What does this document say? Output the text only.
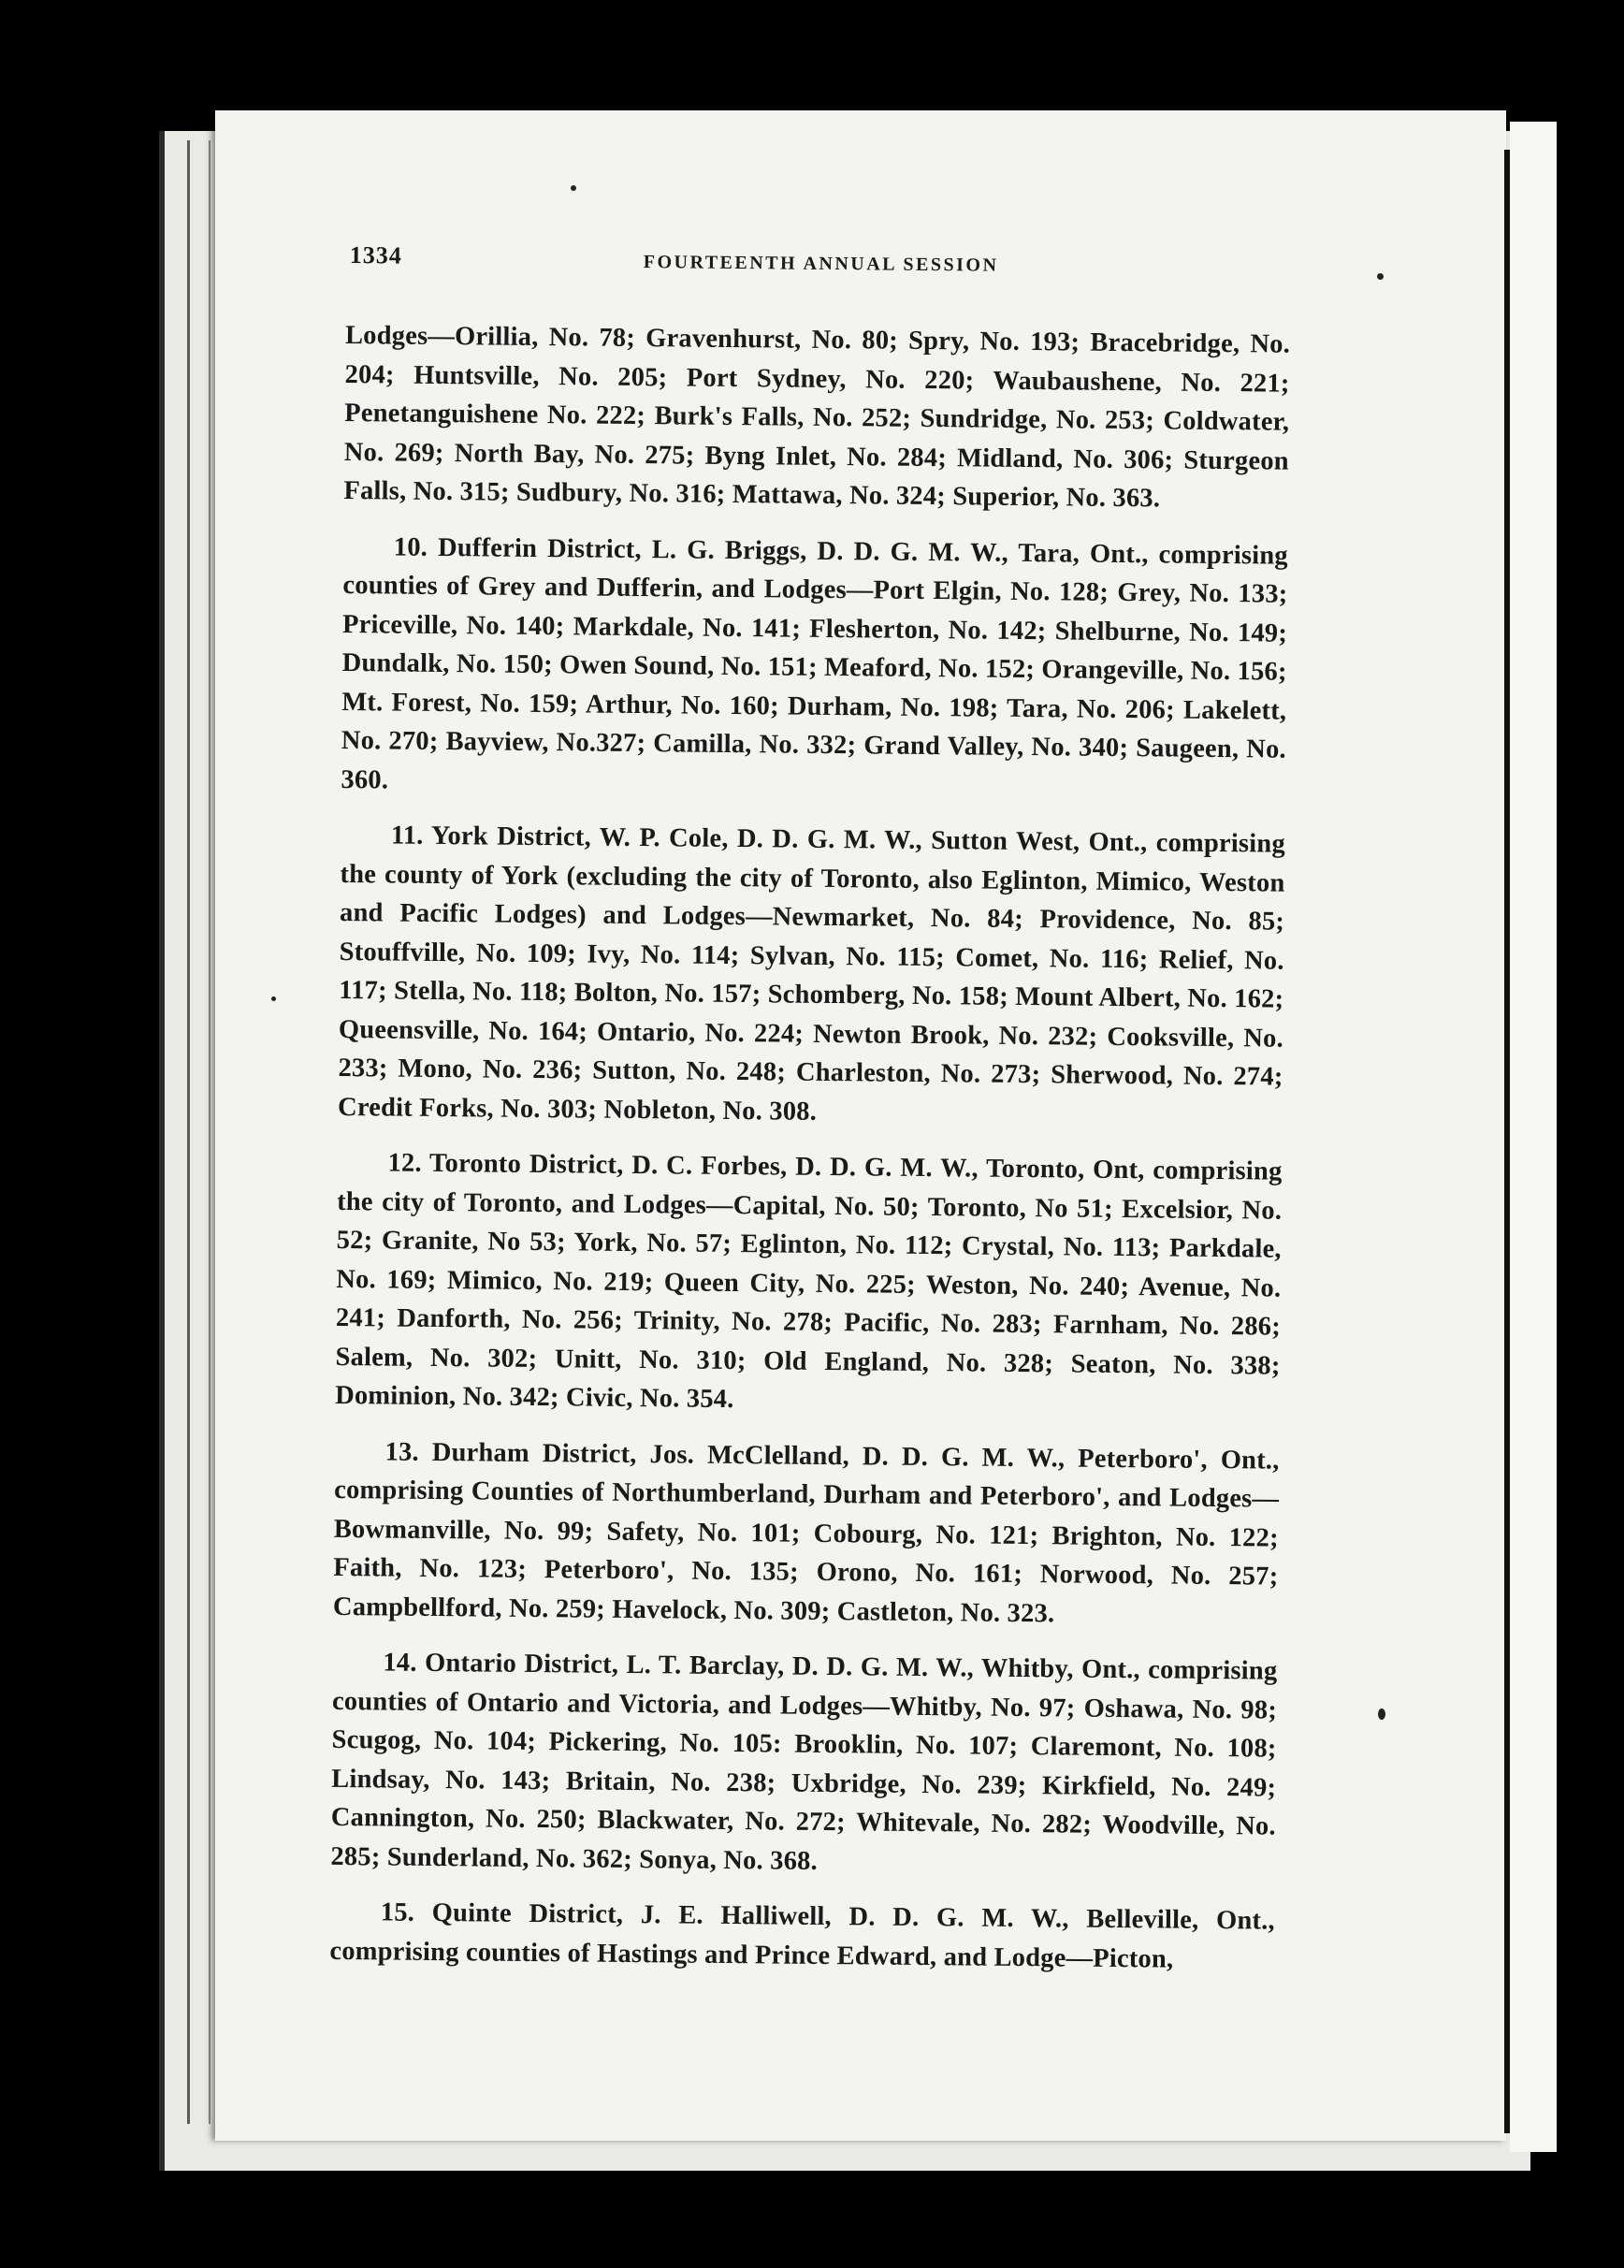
1334	FOURTEENTH ANNUAL SESSION

Lodges—Orillia, No. 78; Gravenhurst, No. 80; Spry, No. 193; Bracebridge, No. 204; Huntsville, No. 205; Port Sydney, No. 220; Waubaushene, No. 221; Penetanguishene No. 222; Burk's Falls, No. 252; Sundridge, No. 253; Coldwater, No. 269; North Bay, No. 275; Byng Inlet, No. 284; Midland, No. 306; Sturgeon Falls, No. 315; Sudbury, No. 316; Mattawa, No. 324; Superior, No. 363.

10. Dufferin District, L. G. Briggs, D. D. G. M. W., Tara, Ont., comprising counties of Grey and Dufferin, and Lodges—Port Elgin, No. 128; Grey, No. 133; Priceville, No. 140; Markdale, No. 141; Flesherton, No. 142; Shelburne, No. 149; Dundalk, No. 150; Owen Sound, No. 151; Meaford, No. 152; Orangeville, No. 156; Mt. Forest, No. 159; Arthur, No. 160; Durham, No. 198; Tara, No. 206; Lakelett, No. 270; Bayview, No.327; Camilla, No. 332; Grand Valley, No. 340; Saugeen, No. 360.

11. York District, W. P. Cole, D. D. G. M. W., Sutton West, Ont., comprising the county of York (excluding the city of Toronto, also Eglinton, Mimico, Weston and Pacific Lodges) and Lodges—Newmarket, No. 84; Providence, No. 85; Stouffville, No. 109; Ivy, No. 114; Sylvan, No. 115; Comet, No. 116; Relief, No. 117; Stella, No. 118; Bolton, No. 157; Schomberg, No. 158; Mount Albert, No. 162; Queensville, No. 164; Ontario, No. 224; Newton Brook, No. 232; Cooksville, No. 233; Mono, No. 236; Sutton, No. 248; Charleston, No. 273; Sherwood, No. 274; Credit Forks, No. 303; Nobleton, No. 308.

12. Toronto District, D. C. Forbes, D. D. G. M. W., Toronto, Ont, comprising the city of Toronto, and Lodges—Capital, No. 50; Toronto, No 51; Excelsior, No. 52; Granite, No 53; York, No. 57; Eglinton, No. 112; Crystal, No. 113; Parkdale, No. 169; Mimico, No. 219; Queen City, No. 225; Weston, No. 240; Avenue, No. 241; Danforth, No. 256; Trinity, No. 278; Pacific, No. 283; Farnham, No. 286; Salem, No. 302; Unitt, No. 310; Old England, No. 328; Seaton, No. 338; Dominion, No. 342; Civic, No. 354.

13. Durham District, Jos. McClelland, D. D. G. M. W., Peterboro', Ont., comprising Counties of Northumberland, Durham and Peterboro', and Lodges—Bowmanville, No. 99; Safety, No. 101; Cobourg, No. 121; Brighton, No. 122; Faith, No. 123; Peterboro', No. 135; Orono, No. 161; Norwood, No. 257; Campbellford, No. 259; Havelock, No. 309; Castleton, No. 323.

14. Ontario District, L. T. Barclay, D. D. G. M. W., Whitby, Ont., comprising counties of Ontario and Victoria, and Lodges—Whitby, No. 97; Oshawa, No. 98; Scugog, No. 104; Pickering, No. 105: Brooklin, No. 107; Claremont, No. 108; Lindsay, No. 143; Britain, No. 238; Uxbridge, No. 239; Kirkfield, No. 249; Cannington, No. 250; Blackwater, No. 272; Whitevale, No. 282; Woodville, No. 285; Sunderland, No. 362; Sonya, No. 368.

15. Quinte District, J. E. Halliwell, D. D. G. M. W., Belleville, Ont., comprising counties of Hastings and Prince Edward, and Lodge—Picton,
